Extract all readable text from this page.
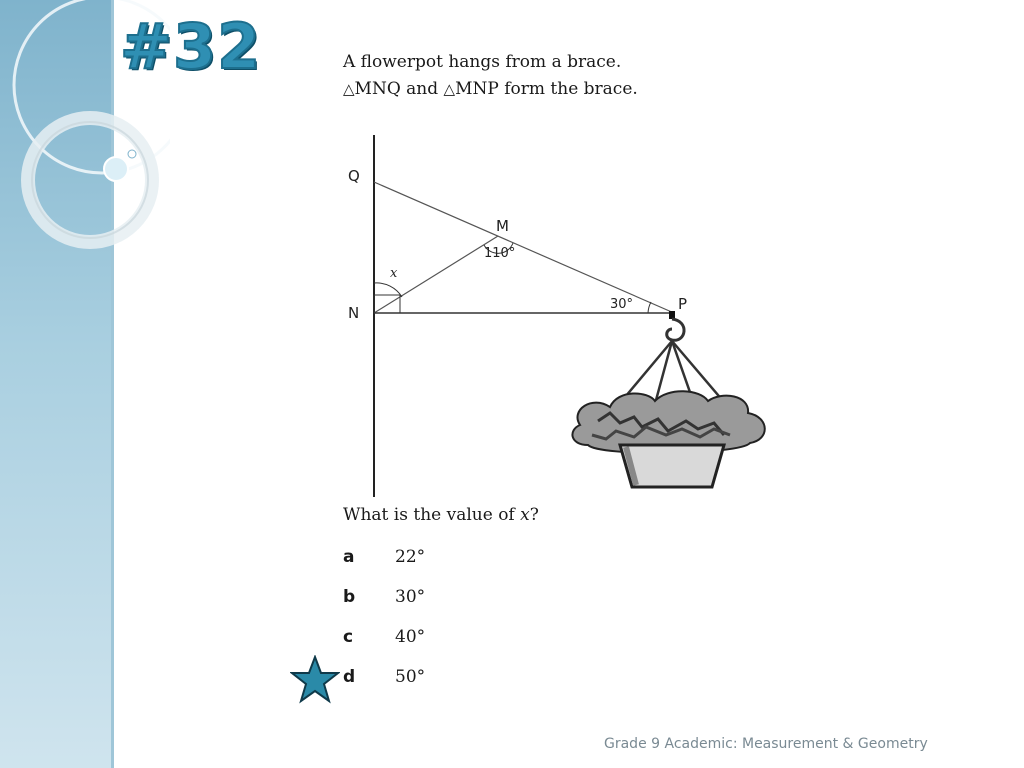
#32	A flowerpot hangs from a brace.
△MNQ and △MNP form the brace.
Q
M
110°
x
N	30°	P
What is the value of x?
a	22°
b	30°
c	40°
d	50°
Grade 9 Academic: Measurement & Geometry
